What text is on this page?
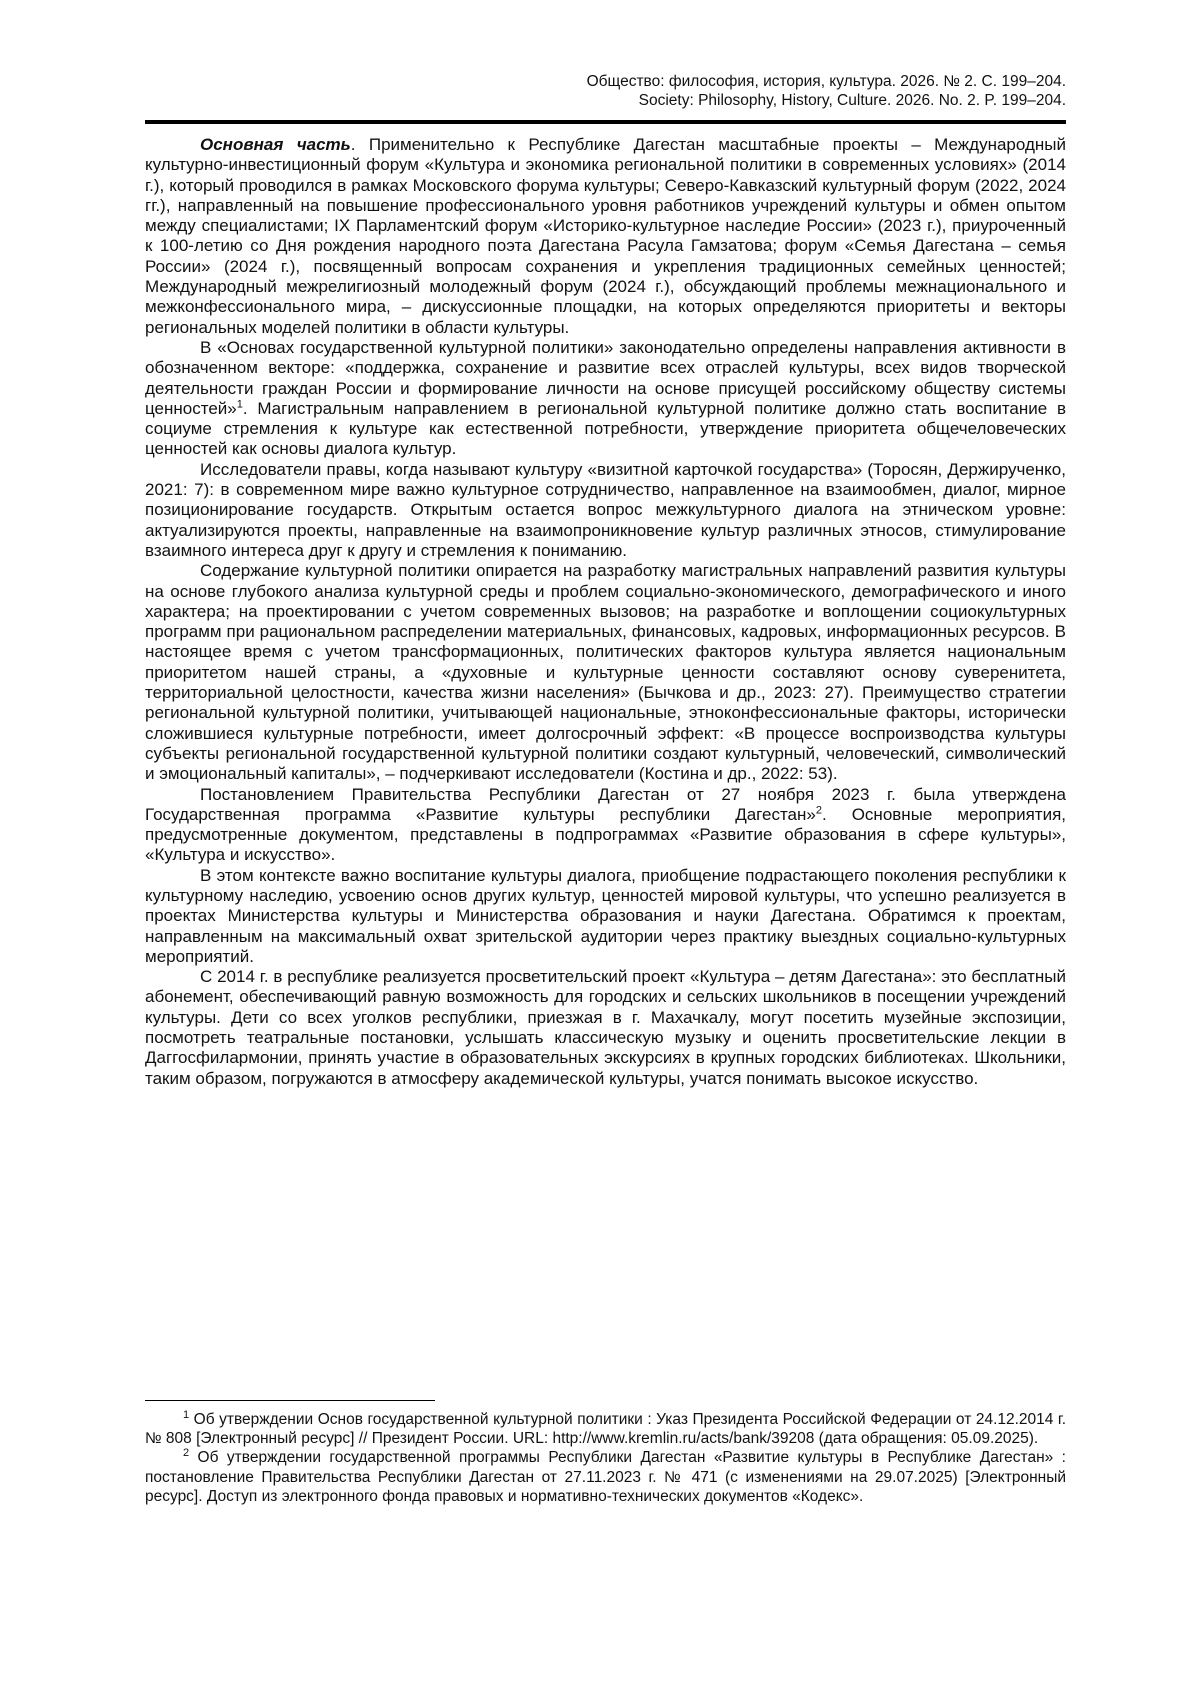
Общество: философия, история, культура. 2026. № 2. С. 199–204.
Society: Philosophy, History, Culture. 2026. No. 2. P. 199–204.

Основная часть. Применительно к Республике Дагестан масштабные проекты – Международный культурно-инвестиционный форум «Культура и экономика региональной политики в современных условиях» (2014 г.), который проводился в рамках Московского форума культуры; Северо-Кавказский культурный форум (2022, 2024 гг.), направленный на повышение профессионального уровня работников учреждений культуры и обмен опытом между специалистами; IX Парламентский форум «Историко-культурное наследие России» (2023 г.), приуроченный к 100-летию со Дня рождения народного поэта Дагестана Расула Гамзатова; форум «Семья Дагестана – семья России» (2024 г.), посвященный вопросам сохранения и укрепления традиционных семейных ценностей; Международный межрелигиозный молодежный форум (2024 г.), обсуждающий проблемы межнационального и межконфессионального мира, – дискуссионные площадки, на которых определяются приоритеты и векторы региональных моделей политики в области культуры.

В «Основах государственной культурной политики» законодательно определены направления активности в обозначенном векторе: «поддержка, сохранение и развитие всех отраслей культуры, всех видов творческой деятельности граждан России и формирование личности на основе присущей российскому обществу системы ценностей»$^1$. Магистральным направлением в региональной культурной политике должно стать воспитание в социуме стремления к культуре как естественной потребности, утверждение приоритета общечеловеческих ценностей как основы диалога культур.

Исследователи правы, когда называют культуру «визитной карточкой государства» (Торосян, Держирученко, 2021: 7): в современном мире важно культурное сотрудничество, направленное на взаимообмен, диалог, мирное позиционирование государств. Открытым остается вопрос межкультурного диалога на этническом уровне: актуализируются проекты, направленные на взаимопроникновение культур различных этносов, стимулирование взаимного интереса друг к другу и стремления к пониманию.

Содержание культурной политики опирается на разработку магистральных направлений развития культуры на основе глубокого анализа культурной среды и проблем социально-экономического, демографического и иного характера; на проектировании с учетом современных вызовов; на разработке и воплощении социокультурных программ при рациональном распределении материальных, финансовых, кадровых, информационных ресурсов. В настоящее время с учетом трансформационных, политических факторов культура является национальным приоритетом нашей страны, а «духовные и культурные ценности составляют основу суверенитета, территориальной целостности, качества жизни населения» (Бычкова и др., 2023: 27). Преимущество стратегии региональной культурной политики, учитывающей национальные, этноконфессиональные факторы, исторически сложившиеся культурные потребности, имеет долгосрочный эффект: «В процессе воспроизводства культуры субъекты региональной государственной культурной политики создают культурный, человеческий, символический и эмоциональный капиталы», – подчеркивают исследователи (Костина и др., 2022: 53).

Постановлением Правительства Республики Дагестан от 27 ноября 2023 г. была утверждена Государственная программа «Развитие культуры республики Дагестан»$^2$. Основные мероприятия, предусмотренные документом, представлены в подпрограммах «Развитие образования в сфере культуры», «Культура и искусство».

В этом контексте важно воспитание культуры диалога, приобщение подрастающего поколения республики к культурному наследию, усвоению основ других культур, ценностей мировой культуры, что успешно реализуется в проектах Министерства культуры и Министерства образования и науки Дагестана. Обратимся к проектам, направленным на максимальный охват зрительской аудитории через практику выездных социально-культурных мероприятий.

С 2014 г. в республике реализуется просветительский проект «Культура – детям Дагестана»: это бесплатный абонемент, обеспечивающий равную возможность для городских и сельских школьников в посещении учреждений культуры. Дети со всех уголков республики, приезжая в г. Махачкалу, могут посетить музейные экспозиции, посмотреть театральные постановки, услышать классическую музыку и оценить просветительские лекции в Даггосфилармонии, принять участие в образовательных экскурсиях в крупных городских библиотеках. Школьники, таким образом, погружаются в атмосферу академической культуры, учатся понимать высокое искусство.

$^1$ Об утверждении Основ государственной культурной политики : Указ Президента Российской Федерации от 24.12.2014 г. № 808 [Электронный ресурс] // Президент России. URL: http://www.kremlin.ru/acts/bank/39208 (дата обращения: 05.09.2025).

$^2$ Об утверждении государственной программы Республики Дагестан «Развитие культуры в Республике Дагестан» : постановление Правительства Республики Дагестан от 27.11.2023 г. № 471 (с изменениями на 29.07.2025) [Электронный ресурс]. Доступ из электронного фонда правовых и нормативно-технических документов «Кодекс».
